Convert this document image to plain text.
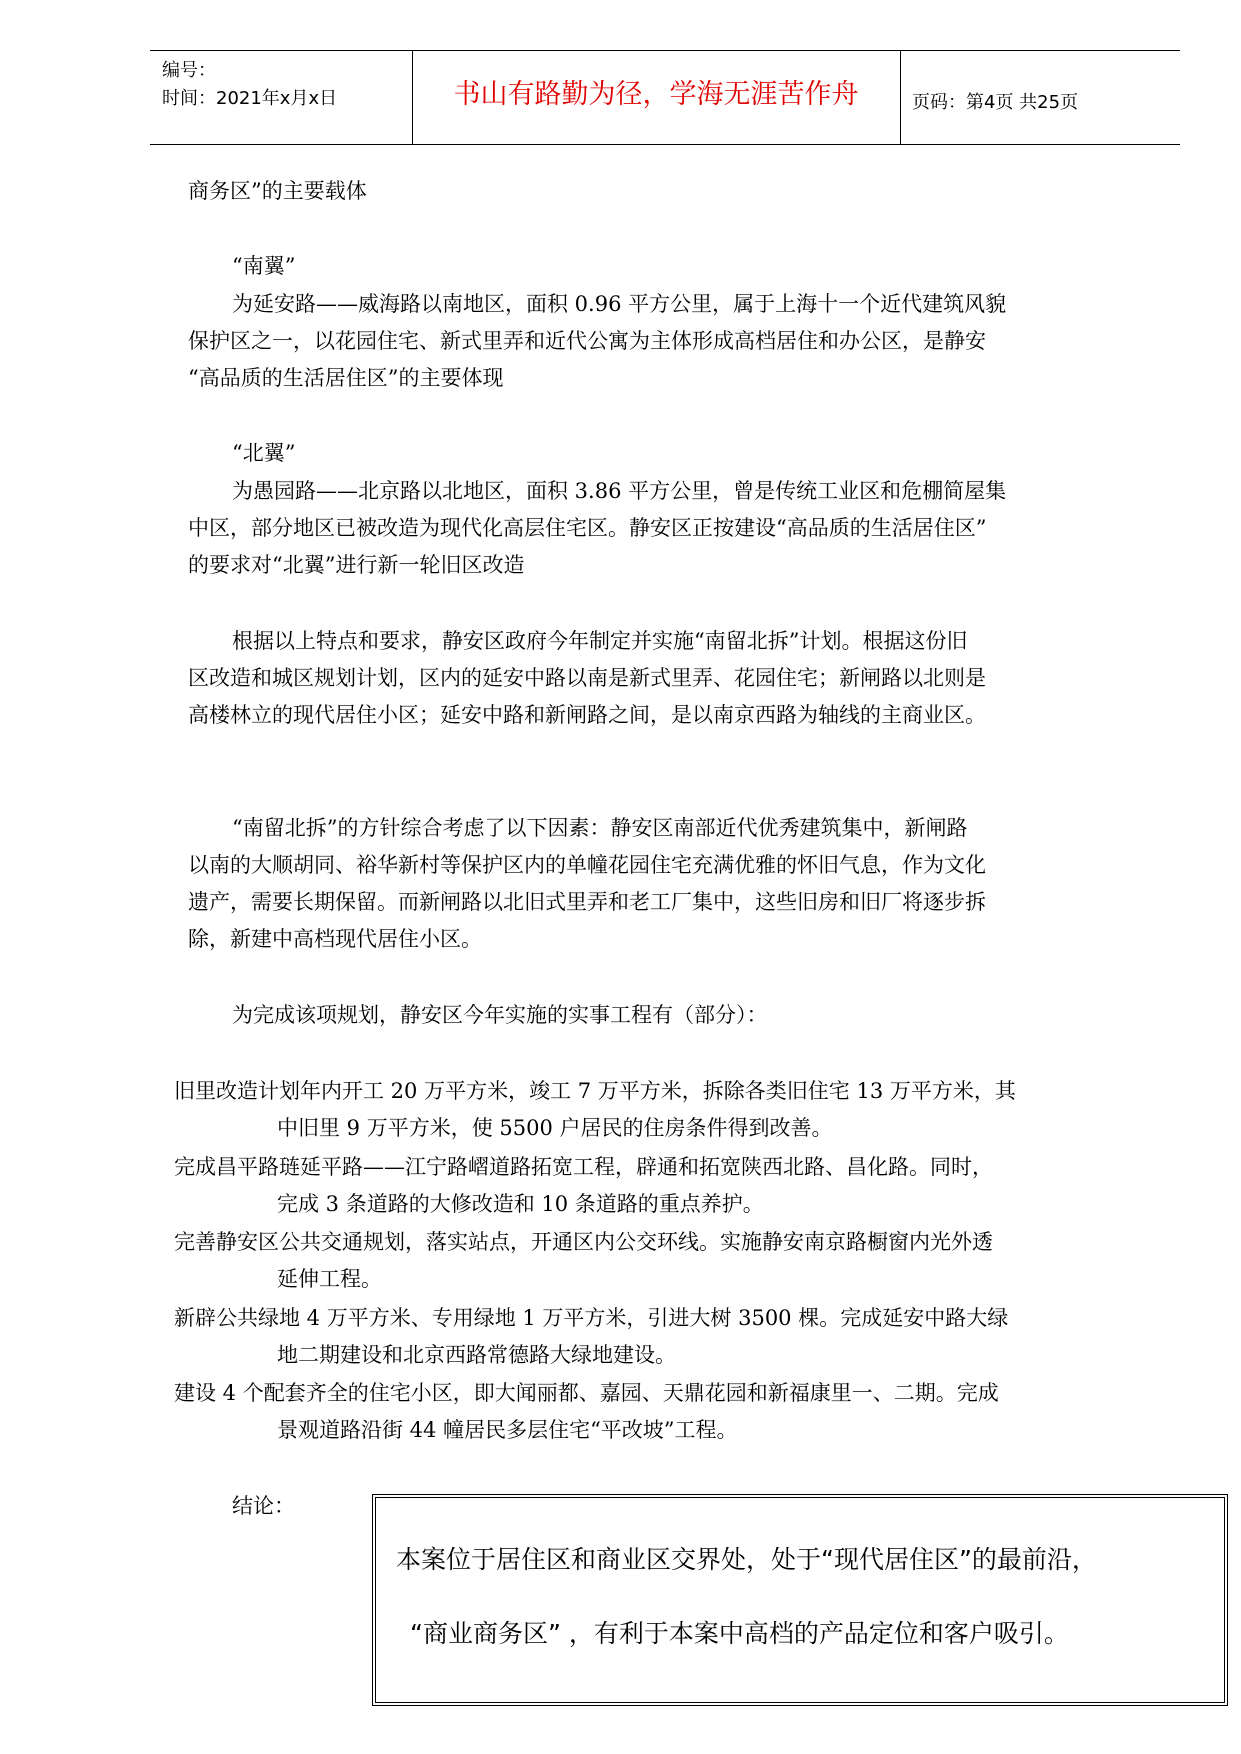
编号：
时间：2021年x月x日	书山有路勤为径，学海无涯苦作舟	页码：第4页 共25页
商务区”的主要载体
“南翼”
为延安路——威海路以南地区，面积 0.96 平方公里，属于上海十一个近代建筑风貌
保护区之一，以花园住宅、新式里弄和近代公寓为主体形成高档居住和办公区，是静安
“高品质的生活居住区”的主要体现
“北翼”
为愚园路——北京路以北地区，面积 3.86 平方公里，曾是传统工业区和危棚简屋集
中区，部分地区已被改造为现代化高层住宅区。静安区正按建设“高品质的生活居住区”
的要求对“北翼”进行新一轮旧区改造
根据以上特点和要求，静安区政府今年制定并实施“南留北拆”计划。根据这份旧
区改造和城区规划计划，区内的延安中路以南是新式里弄、花园住宅；新闸路以北则是
高楼林立的现代居住小区；延安中路和新闸路之间，是以南京西路为轴线的主商业区。
“南留北拆”的方针综合考虑了以下因素：静安区南部近代优秀建筑集中，新闸路
以南的大顺胡同、裕华新村等保护区内的单幢花园住宅充满优雅的怀旧气息，作为文化
遗产，需要长期保留。而新闸路以北旧式里弄和老工厂集中，这些旧房和旧厂将逐步拆
除，新建中高档现代居住小区。
为完成该项规划，静安区今年实施的实事工程有（部分）：
旧里改造计划年内开工 20 万平方米，竣工 7 万平方米，拆除各类旧住宅 13 万平方米，其
中旧里 9 万平方米，使 5500 户居民的住房条件得到改善。
完成昌平路琏延平路——江宁路嶍道路拓宽工程，辟通和拓宽陕西北路、昌化路。同时，
完成 3 条道路的大修改造和 10 条道路的重点养护。
完善静安区公共交通规划，落实站点，开通区内公交环线。实施静安南京路橱窗内光外透
延伸工程。
新辟公共绿地 4 万平方米、专用绿地 1 万平方米，引进大树 3500 棵。完成延安中路大绿
地二期建设和北京西路常德路大绿地建设。
建设 4 个配套齐全的住宅小区，即大闻丽都、嘉园、天鼎花园和新福康里一、二期。完成
景观道路沿街 44 幢居民多层住宅“平改坡”工程。
结论：
本案位于居住区和商业区交界处，处于“现代居住区”的最前沿，
“商业商务区” ，有利于本案中高档的产品定位和客户吸引。
